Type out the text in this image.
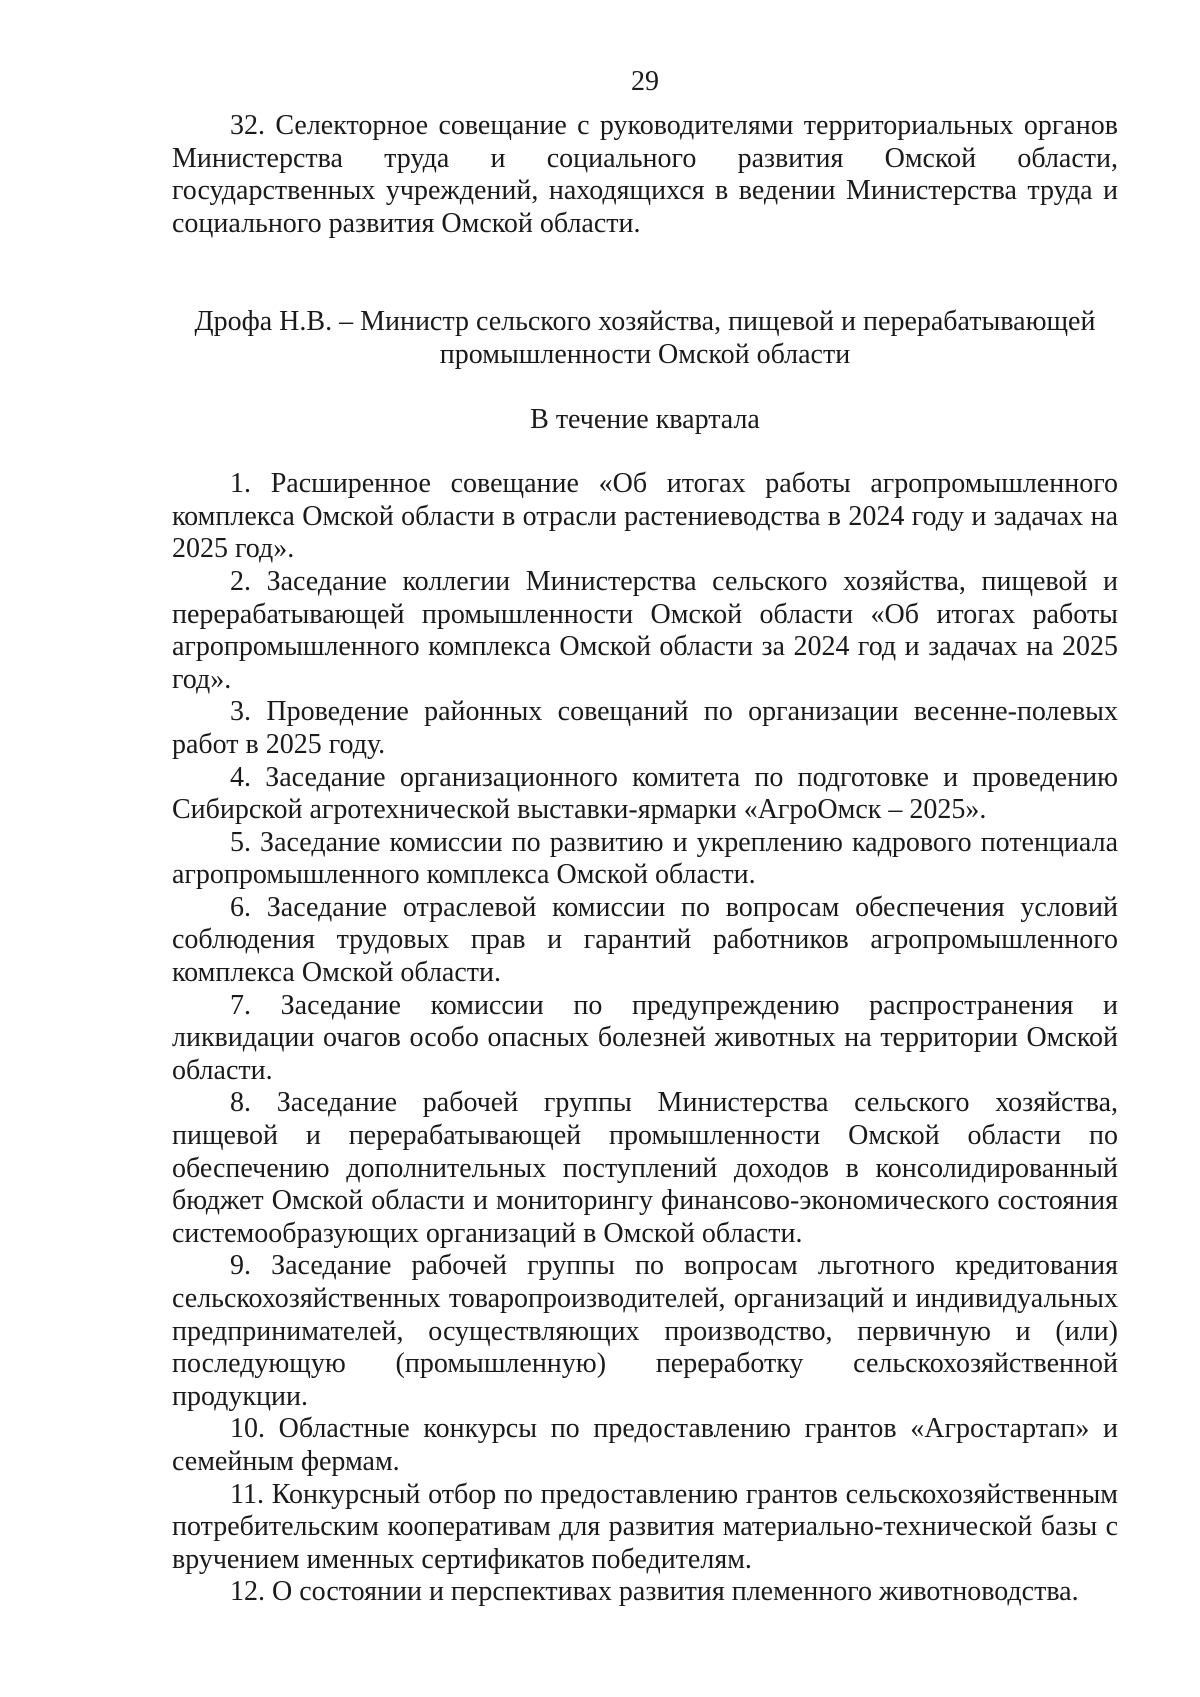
29

32. Селекторное совещание с руководителями территориальных органов Министерства труда и социального развития Омской области, государственных учреждений, находящихся в ведении Министерства труда и социального развития Омской области.

Дрофа Н.В. – Министр сельского хозяйства, пищевой и перерабатывающей

промышленности Омской области

В течение квартала

1. Расширенное совещание «Об итогах работы агропромышленного комплекса Омской области в отрасли растениеводства в 2024 году и задачах на 2025 год».

2. Заседание коллегии Министерства сельского хозяйства, пищевой и перерабатывающей промышленности Омской области «Об итогах работы агропромышленного комплекса Омской области за 2024 год и задачах на 2025 год».

3. Проведение районных совещаний по организации весенне-полевых работ в 2025 году.

4. Заседание организационного комитета по подготовке и проведению Сибирской агротехнической выставки-ярмарки «АгроОмск – 2025».

5. Заседание комиссии по развитию и укреплению кадрового потенциала агропромышленного комплекса Омской области.

6. Заседание отраслевой комиссии по вопросам обеспечения условий соблюдения трудовых прав и гарантий работников агропромышленного комплекса Омской области.

7. Заседание комиссии по предупреждению распространения и ликвидации очагов особо опасных болезней животных на территории Омской области.

8. Заседание рабочей группы Министерства сельского хозяйства, пищевой и перерабатывающей промышленности Омской области по обеспечению дополнительных поступлений доходов в консолидированный бюджет Омской области и мониторингу финансово-экономического состояния системообразующих организаций в Омской области.

9. Заседание рабочей группы по вопросам льготного кредитования сельскохозяйственных товаропроизводителей, организаций и индивидуальных предпринимателей, осуществляющих производство, первичную и (или) последующую (промышленную) переработку сельскохозяйственной продукции.

10. Областные конкурсы по предоставлению грантов «Агростартап» и семейным фермам.

11. Конкурсный отбор по предоставлению грантов сельскохозяйственным потребительским кооперативам для развития материально-технической базы с вручением именных сертификатов победителям.

12. О состоянии и перспективах развития племенного животноводства.
